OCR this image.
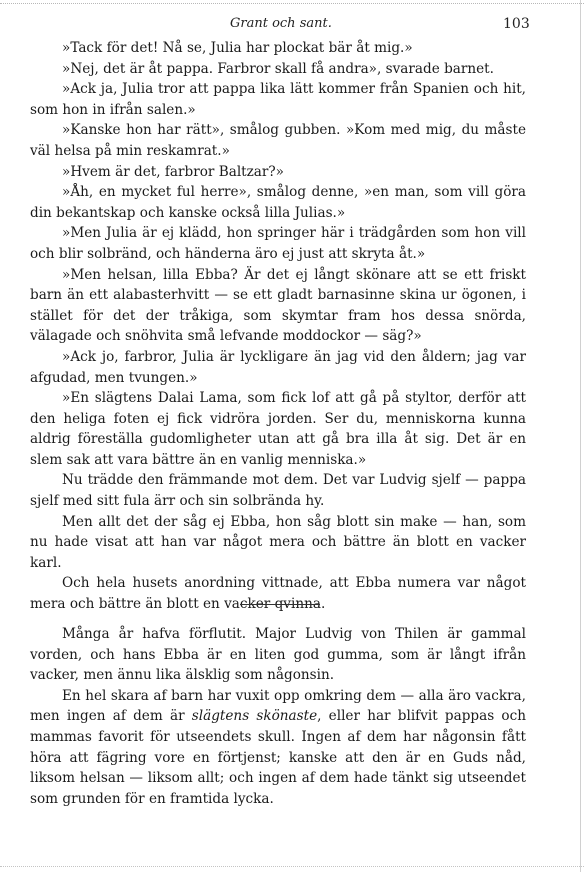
Grant och sant.	103

»Tack för det! Nå se, Julia har plockat bär åt mig.»

»Nej, det är åt pappa. Farbror skall få andra», svarade barnet.

»Ack ja, Julia tror att pappa lika lätt kommer från Spanien och hit, som hon in ifrån salen.»

»Kanske hon har rätt», smålog gubben. »Kom med mig, du måste väl helsa på min reskamrat.»

»Hvem är det, farbror Baltzar?»

»Åh, en mycket ful herre», smålog denne, »en man, som vill göra din bekantskap och kanske också lilla Julias.»

»Men Julia är ej klädd, hon springer här i trädgården som hon vill och blir solbränd, och händerna äro ej just att skryta åt.»

»Men helsan, lilla Ebba? Är det ej långt skönare att se ett friskt barn än ett alabasterhvitt — se ett gladt barnasinne skina ur ögonen, i stället för det der tråkiga, som skymtar fram hos dessa snörda, välagade och snöhvita små lefvande moddockor — säg?»

»Ack jo, farbror, Julia är lyckligare än jag vid den åldern; jag var afgudad, men tvungen.»

»En slägtens Dalai Lama, som fick lof att gå på styltor, derför att den heliga foten ej fick vidröra jorden. Ser du, menniskorna kunna aldrig föreställa gudomligheter utan att gå bra illa åt sig. Det är en slem sak att vara bättre än en vanlig menniska.»

Nu trädde den främmande mot dem. Det var Ludvig sjelf — pappa sjelf med sitt fula ärr och sin solbrända hy.

Men allt det der såg ej Ebba, hon såg blott sin make — han, som nu hade visat att han var något mera och bättre än blott en vacker karl.

Och hela husets anordning vittnade, att Ebba numera var något mera och bättre än blott en vacker qvinna.

Många år hafva förflutit. Major Ludvig von Thilen är gammal vorden, och hans Ebba är en liten god gumma, som är långt ifrån vacker, men ännu lika älsklig som någonsin.

En hel skara af barn har vuxit opp omkring dem — alla äro vackra, men ingen af dem är slägtens skönaste, eller har blifvit pappas och mammas favorit för utseendets skull. Ingen af dem har någonsin fått höra att fägring vore en förtjenst; kanske att den är en Guds nåd, liksom helsan — liksom allt; och ingen af dem hade tänkt sig utseendet som grunden för en framtida lycka.
